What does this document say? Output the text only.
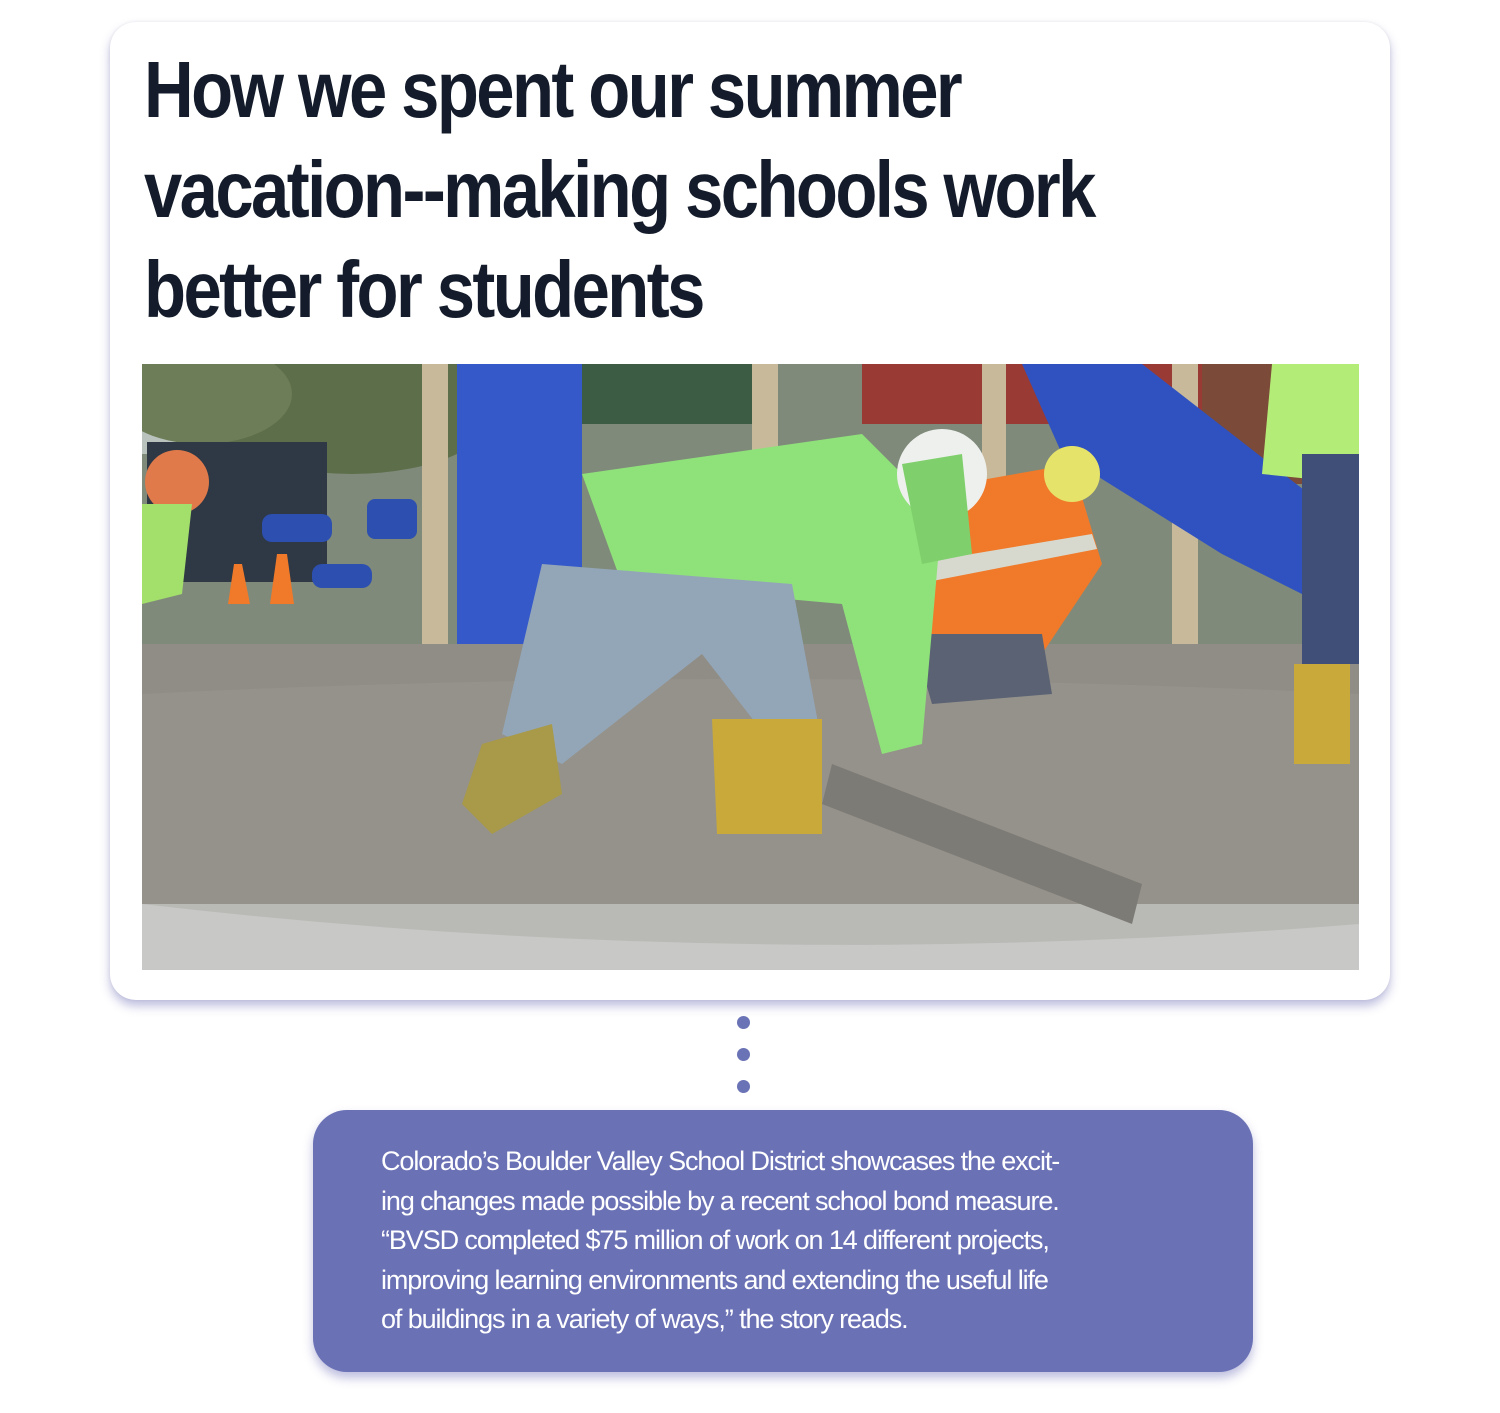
How we spent our summer vacation--making schools work better for students

Colorado’s Boulder Valley School District showcases the excit-
ing changes made possible by a recent school bond measure.
“BVSD completed $75 million of work on 14 different projects,
improving learning environments and extending the useful life
of buildings in a variety of ways,” the story reads.
